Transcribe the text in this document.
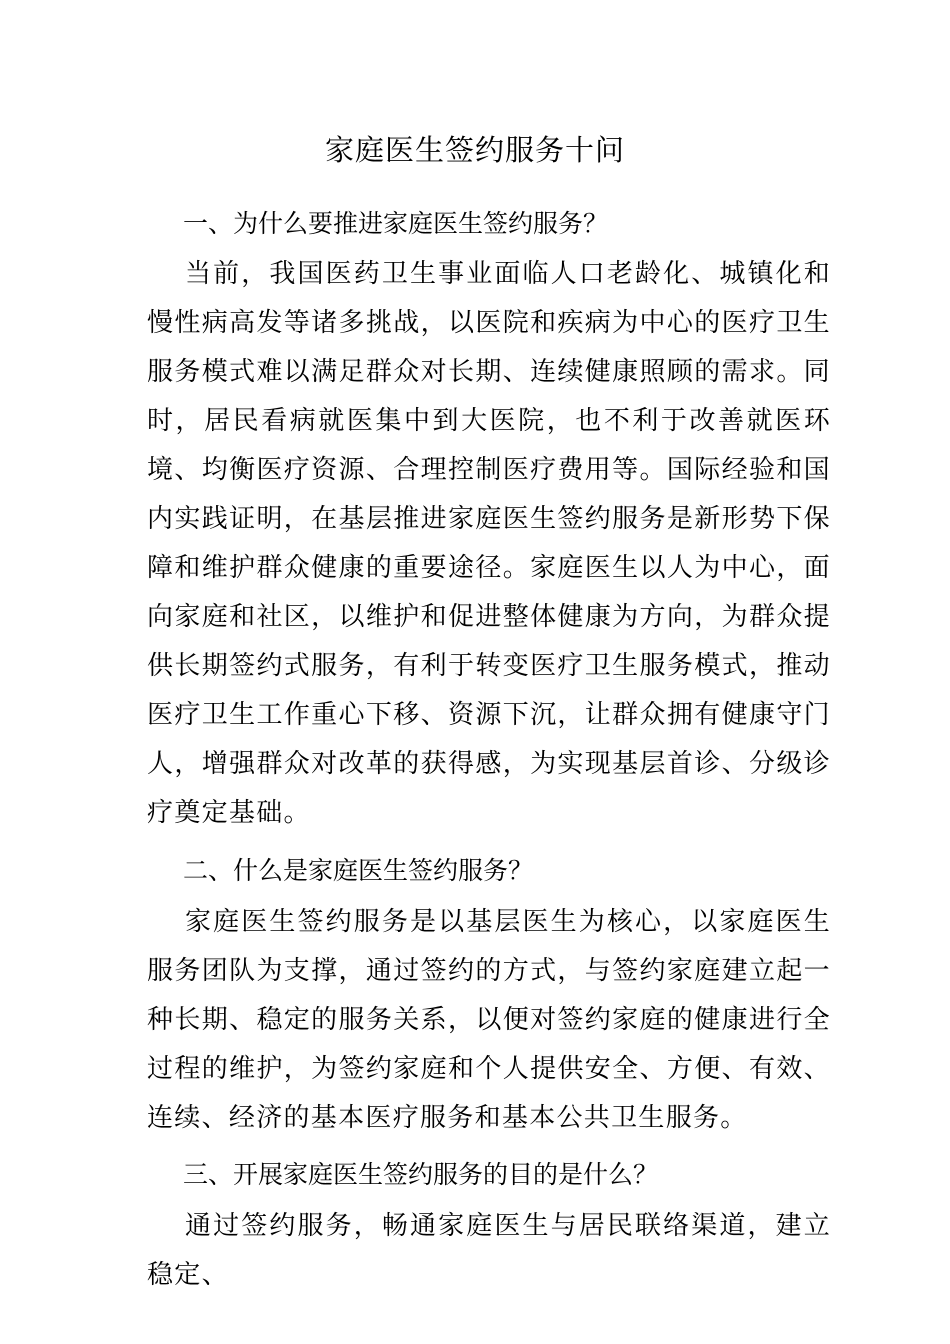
家庭医生签约服务十问

一、为什么要推进家庭医生签约服务？

当前，我国医药卫生事业面临人口老龄化、城镇化和慢性病高发等诸多挑战，以医院和疾病为中心的医疗卫生服务模式难以满足群众对长期、连续健康照顾的需求。同时，居民看病就医集中到大医院，也不利于改善就医环境、均衡医疗资源、合理控制医疗费用等。国际经验和国内实践证明，在基层推进家庭医生签约服务是新形势下保障和维护群众健康的重要途径。家庭医生以人为中心，面向家庭和社区，以维护和促进整体健康为方向，为群众提供长期签约式服务，有利于转变医疗卫生服务模式，推动医疗卫生工作重心下移、资源下沉，让群众拥有健康守门人，增强群众对改革的获得感，为实现基层首诊、分级诊疗奠定基础。

二、什么是家庭医生签约服务？

家庭医生签约服务是以基层医生为核心，以家庭医生服务团队为支撑，通过签约的方式，与签约家庭建立起一种长期、稳定的服务关系，以便对签约家庭的健康进行全过程的维护，为签约家庭和个人提供安全、方便、有效、连续、经济的基本医疗服务和基本公共卫生服务。

三、开展家庭医生签约服务的目的是什么？

通过签约服务，畅通家庭医生与居民联络渠道，建立稳定、
